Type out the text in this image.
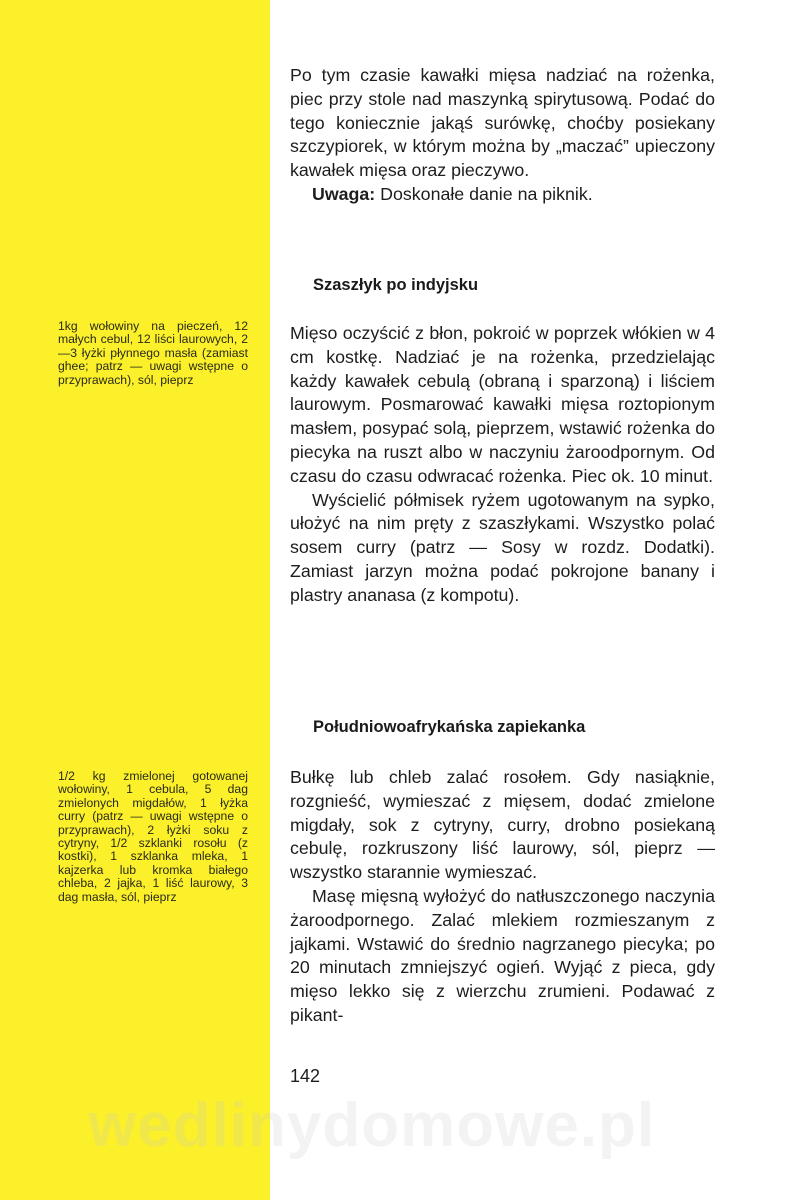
1kg wołowiny na pieczeń, 12 małych cebul, 12 liści laurowych, 2—3 łyżki płynnego masła (zamiast ghee; patrz — uwagi wstępne o przyprawach), sól, pieprz
1/2 kg zmielonej gotowanej wołowiny, 1 cebula, 5 dag zmielonych migdałów, 1 łyżka curry (patrz — uwagi wstępne o przyprawach), 2 łyżki soku z cytryny, 1/2 szklanki rosołu (z kostki), 1 szklanka mleka, 1 kajzerka lub kromka białego chleba, 2 jajka, 1 liść laurowy, 3 dag masła, sól, pieprz

Po tym czasie kawałki mięsa nadziać na rożenka, piec przy stole nad maszynką spirytusową. Podać do tego koniecznie jakąś surówkę, choćby posiekany szczypiorek, w którym można by „maczać” upieczony kawałek mięsa oraz pieczywo.

Uwaga: Doskonałe danie na piknik.

Szaszłyk po indyjsku

Mięso oczyścić z błon, pokroić w poprzek włókien w 4 cm kostkę. Nadziać je na rożenka, przedzielając każdy kawałek cebulą (obraną i sparzoną) i liściem laurowym. Posmarować kawałki mięsa roztopionym masłem, posypać solą, pieprzem, wstawić rożenka do piecyka na ruszt albo w naczyniu żaroodpornym. Od czasu do czasu odwracać rożenka. Piec ok. 10 minut.

Wyścielić półmisek ryżem ugotowanym na sypko, ułożyć na nim pręty z szaszłykami. Wszystko polać sosem curry (patrz — Sosy w rozdz. Dodatki). Zamiast jarzyn można podać pokrojone banany i plastry ananasa (z kompotu).

Południowoafrykańska zapiekanka

Bułkę lub chleb zalać rosołem. Gdy nasiąknie, rozgnieść, wymieszać z mięsem, dodać zmielone migdały, sok z cytryny, curry, drobno posiekaną cebulę, rozkruszony liść laurowy, sól, pieprz — wszystko starannie wymieszać.

Masę mięsną wyłożyć do natłuszczonego naczynia żaroodpornego. Zalać mlekiem rozmieszanym z jajkami. Wstawić do średnio nagrzanego piecyka; po 20 minutach zmniejszyć ogień. Wyjąć z pieca, gdy mięso lekko się z wierzchu zrumieni. Podawać z pikant-

142
wedlinydomowe.pl
